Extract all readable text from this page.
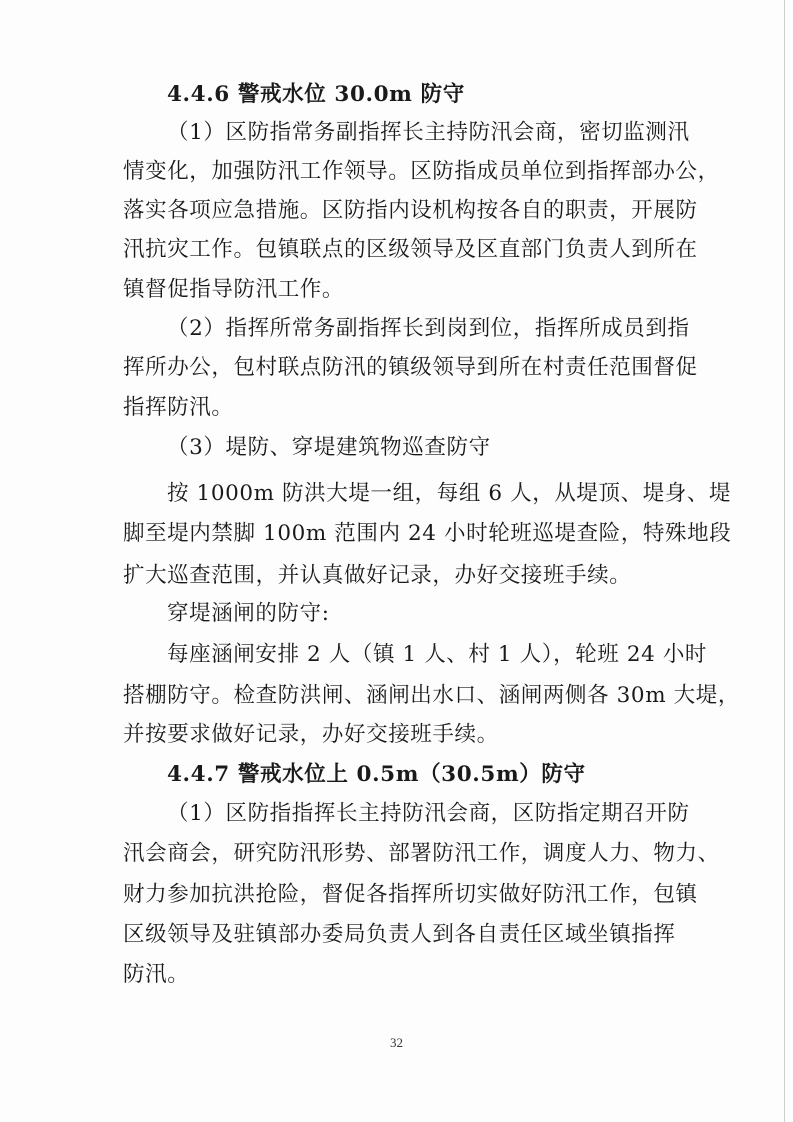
4.4.6 警戒水位 30.0m 防守
（1）区防指常务副指挥长主持防汛会商，密切监测汛
情变化，加强防汛工作领导。区防指成员单位到指挥部办公，
落实各项应急措施。区防指内设机构按各自的职责，开展防
汛抗灾工作。包镇联点的区级领导及区直部门负责人到所在
镇督促指导防汛工作。
（2）指挥所常务副指挥长到岗到位，指挥所成员到指
挥所办公，包村联点防汛的镇级领导到所在村责任范围督促
指挥防汛。
（3）堤防、穿堤建筑物巡查防守
按 1000m 防洪大堤一组，每组 6 人，从堤顶、堤身、堤
脚至堤内禁脚 100m 范围内 24 小时轮班巡堤查险，特殊地段
扩大巡查范围，并认真做好记录，办好交接班手续。
穿堤涵闸的防守:
每座涵闸安排 2 人（镇 1 人、村 1 人），轮班 24 小时
搭棚防守。检查防洪闸、涵闸出水口、涵闸两侧各 30m 大堤，
并按要求做好记录，办好交接班手续。
4.4.7 警戒水位上 0.5m（30.5m）防守
（1）区防指指挥长主持防汛会商，区防指定期召开防
汛会商会，研究防汛形势、部署防汛工作，调度人力、物力、
财力参加抗洪抢险，督促各指挥所切实做好防汛工作，包镇
区级领导及驻镇部办委局负责人到各自责任区域坐镇指挥
防汛。
32
